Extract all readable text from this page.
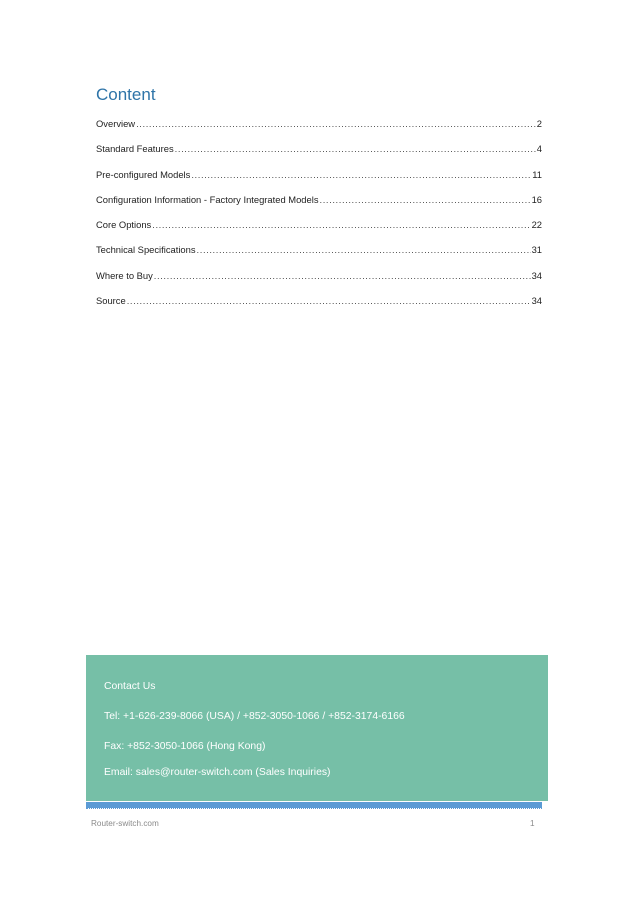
Content
Overview .....	2
Standard Features .....	4
Pre-configured Models .....	11
Configuration Information - Factory Integrated Models .....	16
Core Options .....	22
Technical Specifications .....	31
Where to Buy .....	34
Source .....	34
Contact Us
Tel: +1-626-239-8066 (USA) / +852-3050-1066 / +852-3174-6166
Fax: +852-3050-1066 (Hong Kong)
Email: sales@router-switch.com (Sales Inquiries)
Router-switch.com	1
